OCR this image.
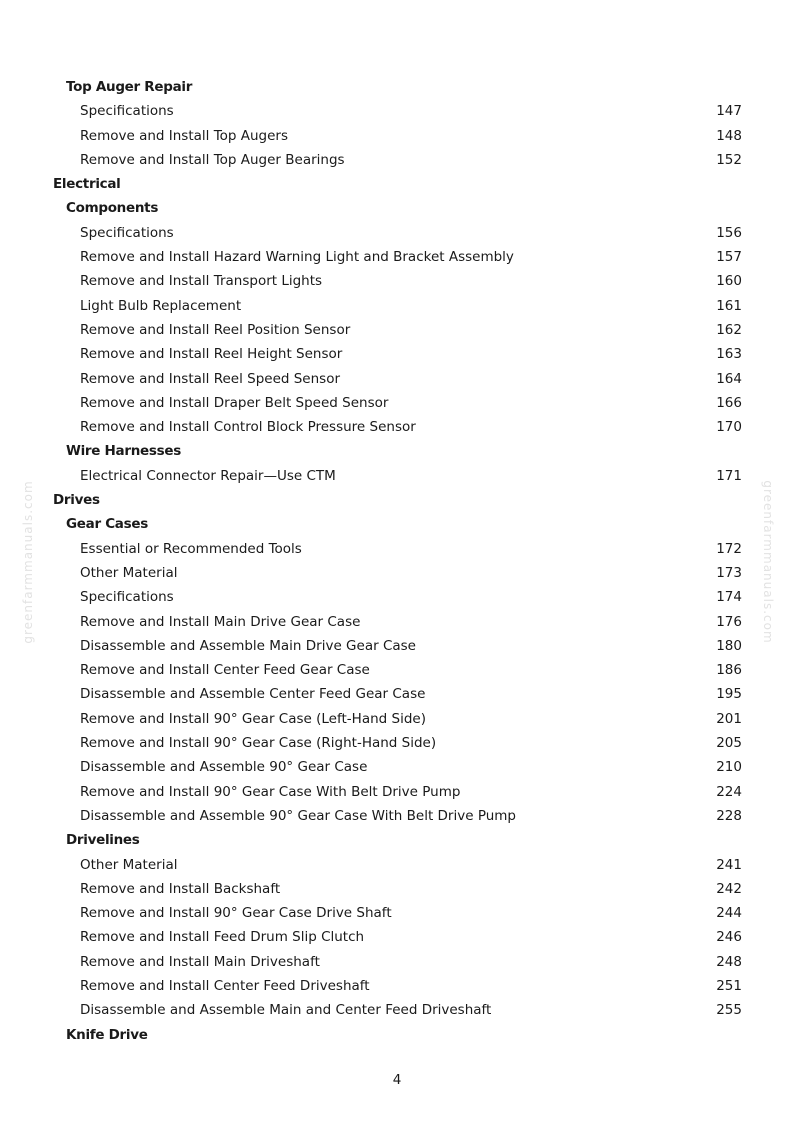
Top Auger Repair
Specifications	147
Remove and Install Top Augers	148
Remove and Install Top Auger Bearings	152
Electrical
Components
Specifications	156
Remove and Install Hazard Warning Light and Bracket Assembly	157
Remove and Install Transport Lights	160
Light Bulb Replacement	161
Remove and Install Reel Position Sensor	162
Remove and Install Reel Height Sensor	163
Remove and Install Reel Speed Sensor	164
Remove and Install Draper Belt Speed Sensor	166
Remove and Install Control Block Pressure Sensor	170
Wire Harnesses
Electrical Connector Repair—Use CTM	171
Drives
Gear Cases
Essential or Recommended Tools	172
Other Material	173
Specifications	174
Remove and Install Main Drive Gear Case	176
Disassemble and Assemble Main Drive Gear Case	180
Remove and Install Center Feed Gear Case	186
Disassemble and Assemble Center Feed Gear Case	195
Remove and Install 90° Gear Case (Left-Hand Side)	201
Remove and Install 90° Gear Case (Right-Hand Side)	205
Disassemble and Assemble 90° Gear Case	210
Remove and Install 90° Gear Case With Belt Drive Pump	224
Disassemble and Assemble 90° Gear Case With Belt Drive Pump	228
Drivelines
Other Material	241
Remove and Install Backshaft	242
Remove and Install 90° Gear Case Drive Shaft	244
Remove and Install Feed Drum Slip Clutch	246
Remove and Install Main Driveshaft	248
Remove and Install Center Feed Driveshaft	251
Disassemble and Assemble Main and Center Feed Driveshaft	255
Knife Drive
greenfarmmanuals.com	greenfarmmanuals.com
4
